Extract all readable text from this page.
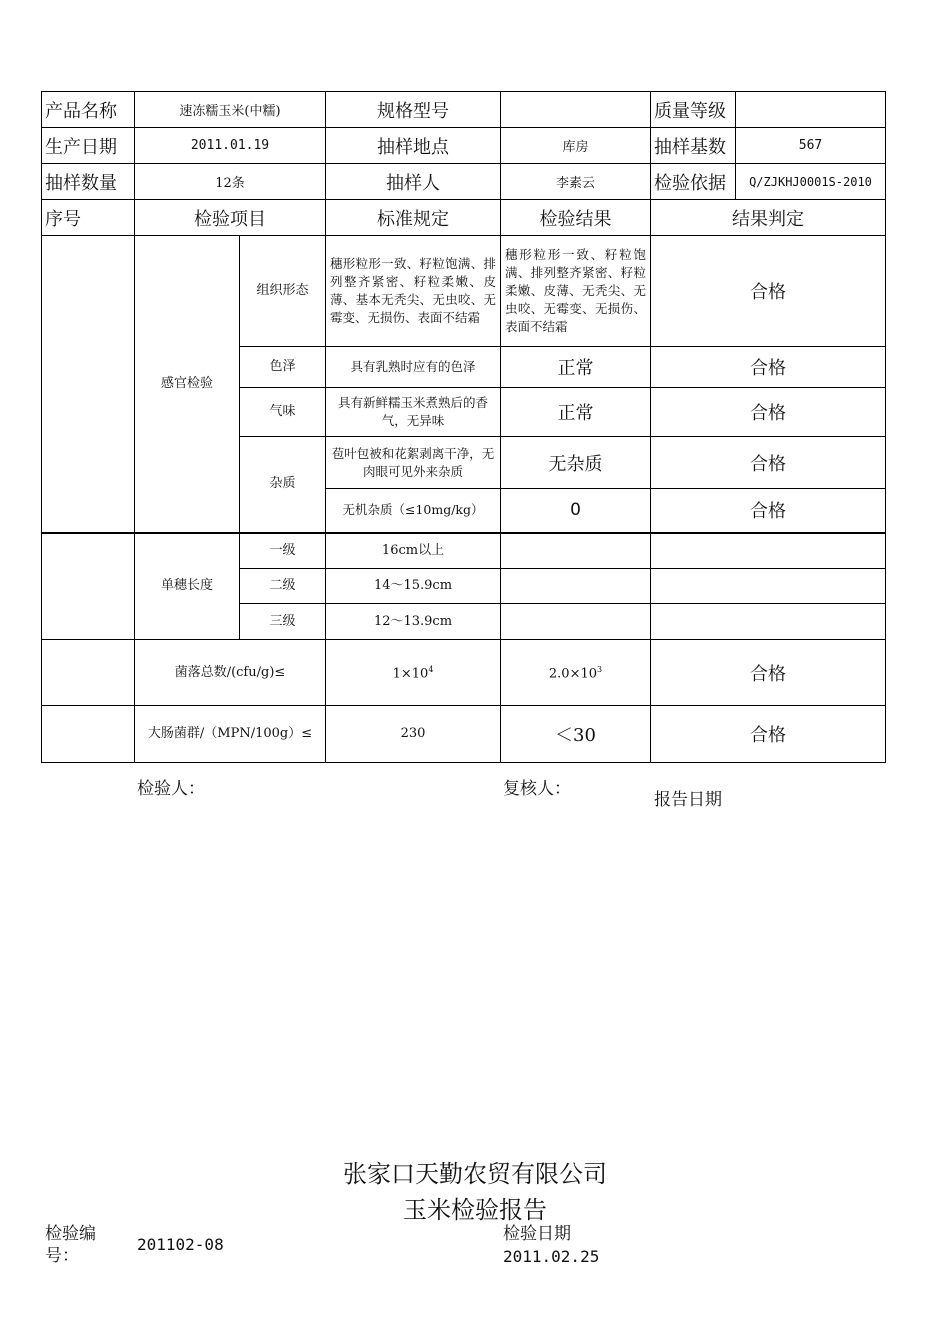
产品名称	速冻糯玉米(中糯)		规格型号		质量等级	
生产日期	2011.01.19		抽样地点	库房	抽样基数	567
抽样数量	12条		抽样人	李素云	检验依据	Q/ZJKHJ0001S-2010
序号	检验项目		标准规定	检验结果	结果判定	
	感官检验	组织形态	穗形粒形一致、籽粒饱满、排列整齐紧密、籽粒柔嫩、皮薄、基本无秃尖、无虫咬、无霉变、无损伤、表面不结霜	穗形粒形一致、籽粒饱满、排列整齐紧密、籽粒柔嫩、皮薄、无秃尖、无虫咬、无霉变、无损伤、表面不结霜	合格	
		色泽	具有乳熟时应有的色泽	正常	合格	
		气味	具有新鲜糯玉米煮熟后的香气，无异味	正常	合格	
		杂质	苞叶包被和花絮剥离干净，无肉眼可见外来杂质	无杂质	合格	
			无机杂质（≤10mg/kg）	0	合格	

	单穗长度	一级	16cm以上			
		二级	14～15.9cm			
		三级	12～13.9cm			
	菌落总数/(cfu/g)≤		$1\times 10^4$	$2.0\times 10^3$	合格	
	大肠菌群/（MPN/100g）≤		230	＜30	合格	
检验人：	复核人：
报告日期
张家口天勤农贸有限公司
玉米检验报告
检验编号：
201102-08
检验日期
2011.02.25
